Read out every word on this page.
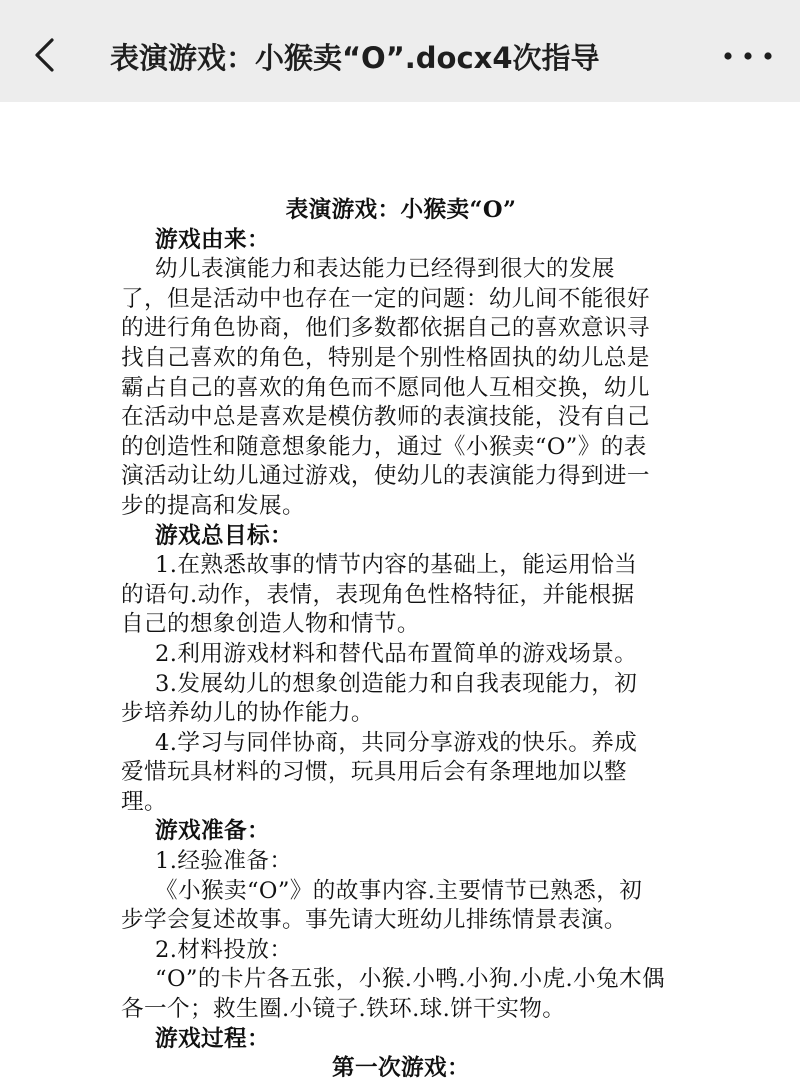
表演游戏：小猴卖“O”.docx4次指导
表演游戏：小猴卖“O”
游戏由来：
幼儿表演能力和表达能力已经得到很大的发展
了，但是活动中也存在一定的问题：幼儿间不能很好
的进行角色协商，他们多数都依据自己的喜欢意识寻
找自己喜欢的角色，特别是个别性格固执的幼儿总是
霸占自己的喜欢的角色而不愿同他人互相交换，幼儿
在活动中总是喜欢是模仿教师的表演技能，没有自己
的创造性和随意想象能力，通过《小猴卖“O”》的表
演活动让幼儿通过游戏，使幼儿的表演能力得到进一
步的提高和发展。
游戏总目标：
1.在熟悉故事的情节内容的基础上，能运用恰当
的语句.动作，表情，表现角色性格特征，并能根据
自己的想象创造人物和情节。
2.利用游戏材料和替代品布置简单的游戏场景。
3.发展幼儿的想象创造能力和自我表现能力，初
步培养幼儿的协作能力。
4.学习与同伴协商，共同分享游戏的快乐。养成
爱惜玩具材料的习惯，玩具用后会有条理地加以整
理。
游戏准备：
1.经验准备：
《小猴卖“O”》的故事内容.主要情节已熟悉，初
步学会复述故事。事先请大班幼儿排练情景表演。
2.材料投放：
“O”的卡片各五张，小猴.小鸭.小狗.小虎.小兔木偶
各一个；救生圈.小镜子.铁环.球.饼干实物。
游戏过程：
第一次游戏：
